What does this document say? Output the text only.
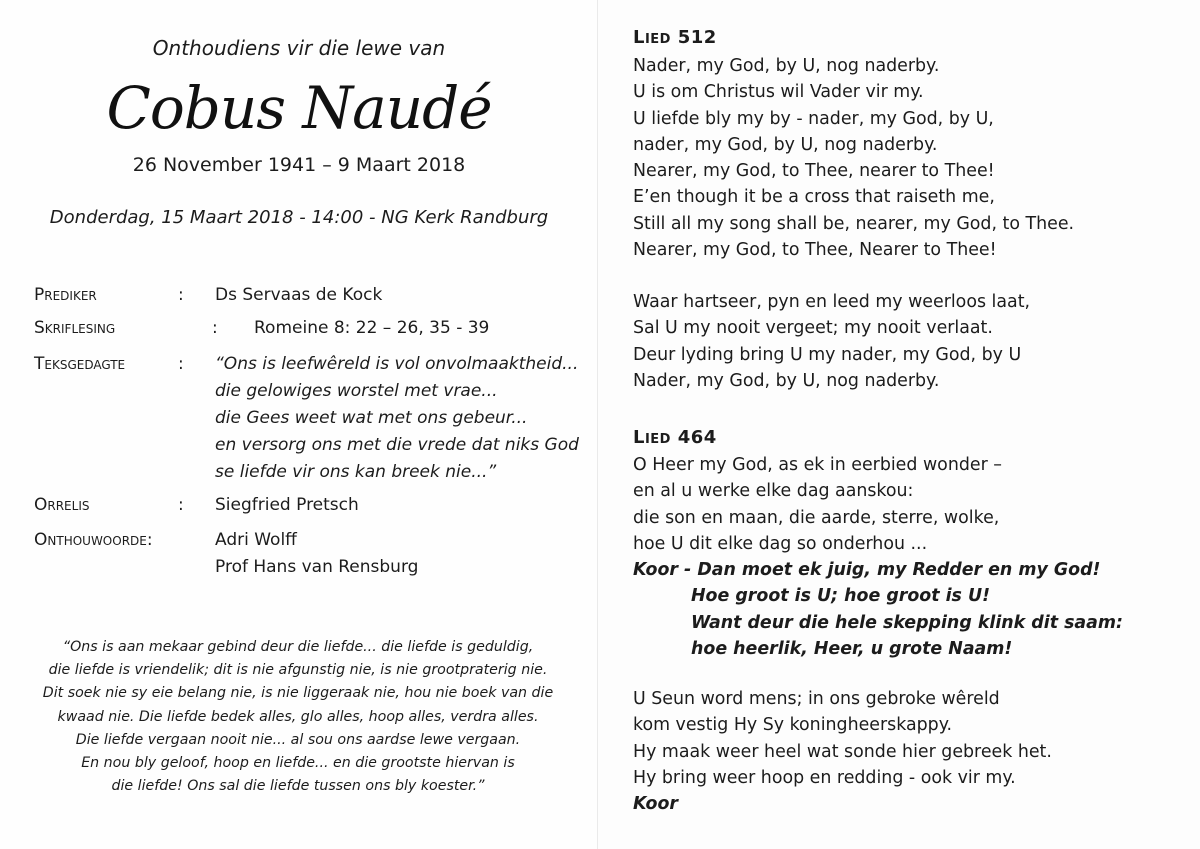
Onthoudiens vir die lewe van
Cobus Naudé
26 November 1941 – 9 Maart 2018
Donderdag, 15 Maart 2018 - 14:00 - NG Kerk Randburg
Prediker	: Ds Servaas de Kock
Skriflesing	: Romeine 8: 22 – 26, 35 - 39
Teksgedagte	: “Ons is leefwêreld is vol onvolmaaktheid...
die gelowiges worstel met vrae...
die Gees weet wat met ons gebeur...
en versorg ons met die vrede dat niks God
se liefde vir ons kan breek nie...”
Orrelis	: Siegfried Pretsch
Onthouwoorde:	Adri Wolff
Prof Hans van Rensburg
“Ons is aan mekaar gebind deur die liefde... die liefde is geduldig,
die liefde is vriendelik; dit is nie afgunstig nie, is nie grootpraterig nie.
Dit soek nie sy eie belang nie, is nie liggeraak nie, hou nie boek van die
kwaad nie. Die liefde bedek alles, glo alles, hoop alles, verdra alles.
Die liefde vergaan nooit nie... al sou ons aardse lewe vergaan.
En nou bly geloof, hoop en liefde... en die grootste hiervan is
die liefde! Ons sal die liefde tussen ons bly koester.”
Lied 512
Nader, my God, by U, nog naderby.
U is om Christus wil Vader vir my.
U liefde bly my by - nader, my God, by U,
nader, my God, by U, nog naderby.
Nearer, my God, to Thee, nearer to Thee!
E’en though it be a cross that raiseth me,
Still all my song shall be, nearer, my God, to Thee.
Nearer, my God, to Thee, Nearer to Thee!
Waar hartseer, pyn en leed my weerloos laat,
Sal U my nooit vergeet; my nooit verlaat.
Deur lyding bring U my nader, my God, by U
Nader, my God, by U, nog naderby.
Lied 464
O Heer my God, as ek in eerbied wonder –
en al u werke elke dag aanskou:
die son en maan, die aarde, sterre, wolke,
hoe U dit elke dag so onderhou ...
Koor - Dan moet ek juig, my Redder en my God!
Hoe groot is U; hoe groot is U!
Want deur die hele skepping klink dit saam:
hoe heerlik, Heer, u grote Naam!
U Seun word mens; in ons gebroke wêreld
kom vestig Hy Sy koningheerskappy.
Hy maak weer heel wat sonde hier gebreek het.
Hy bring weer hoop en redding - ook vir my.
Koor
